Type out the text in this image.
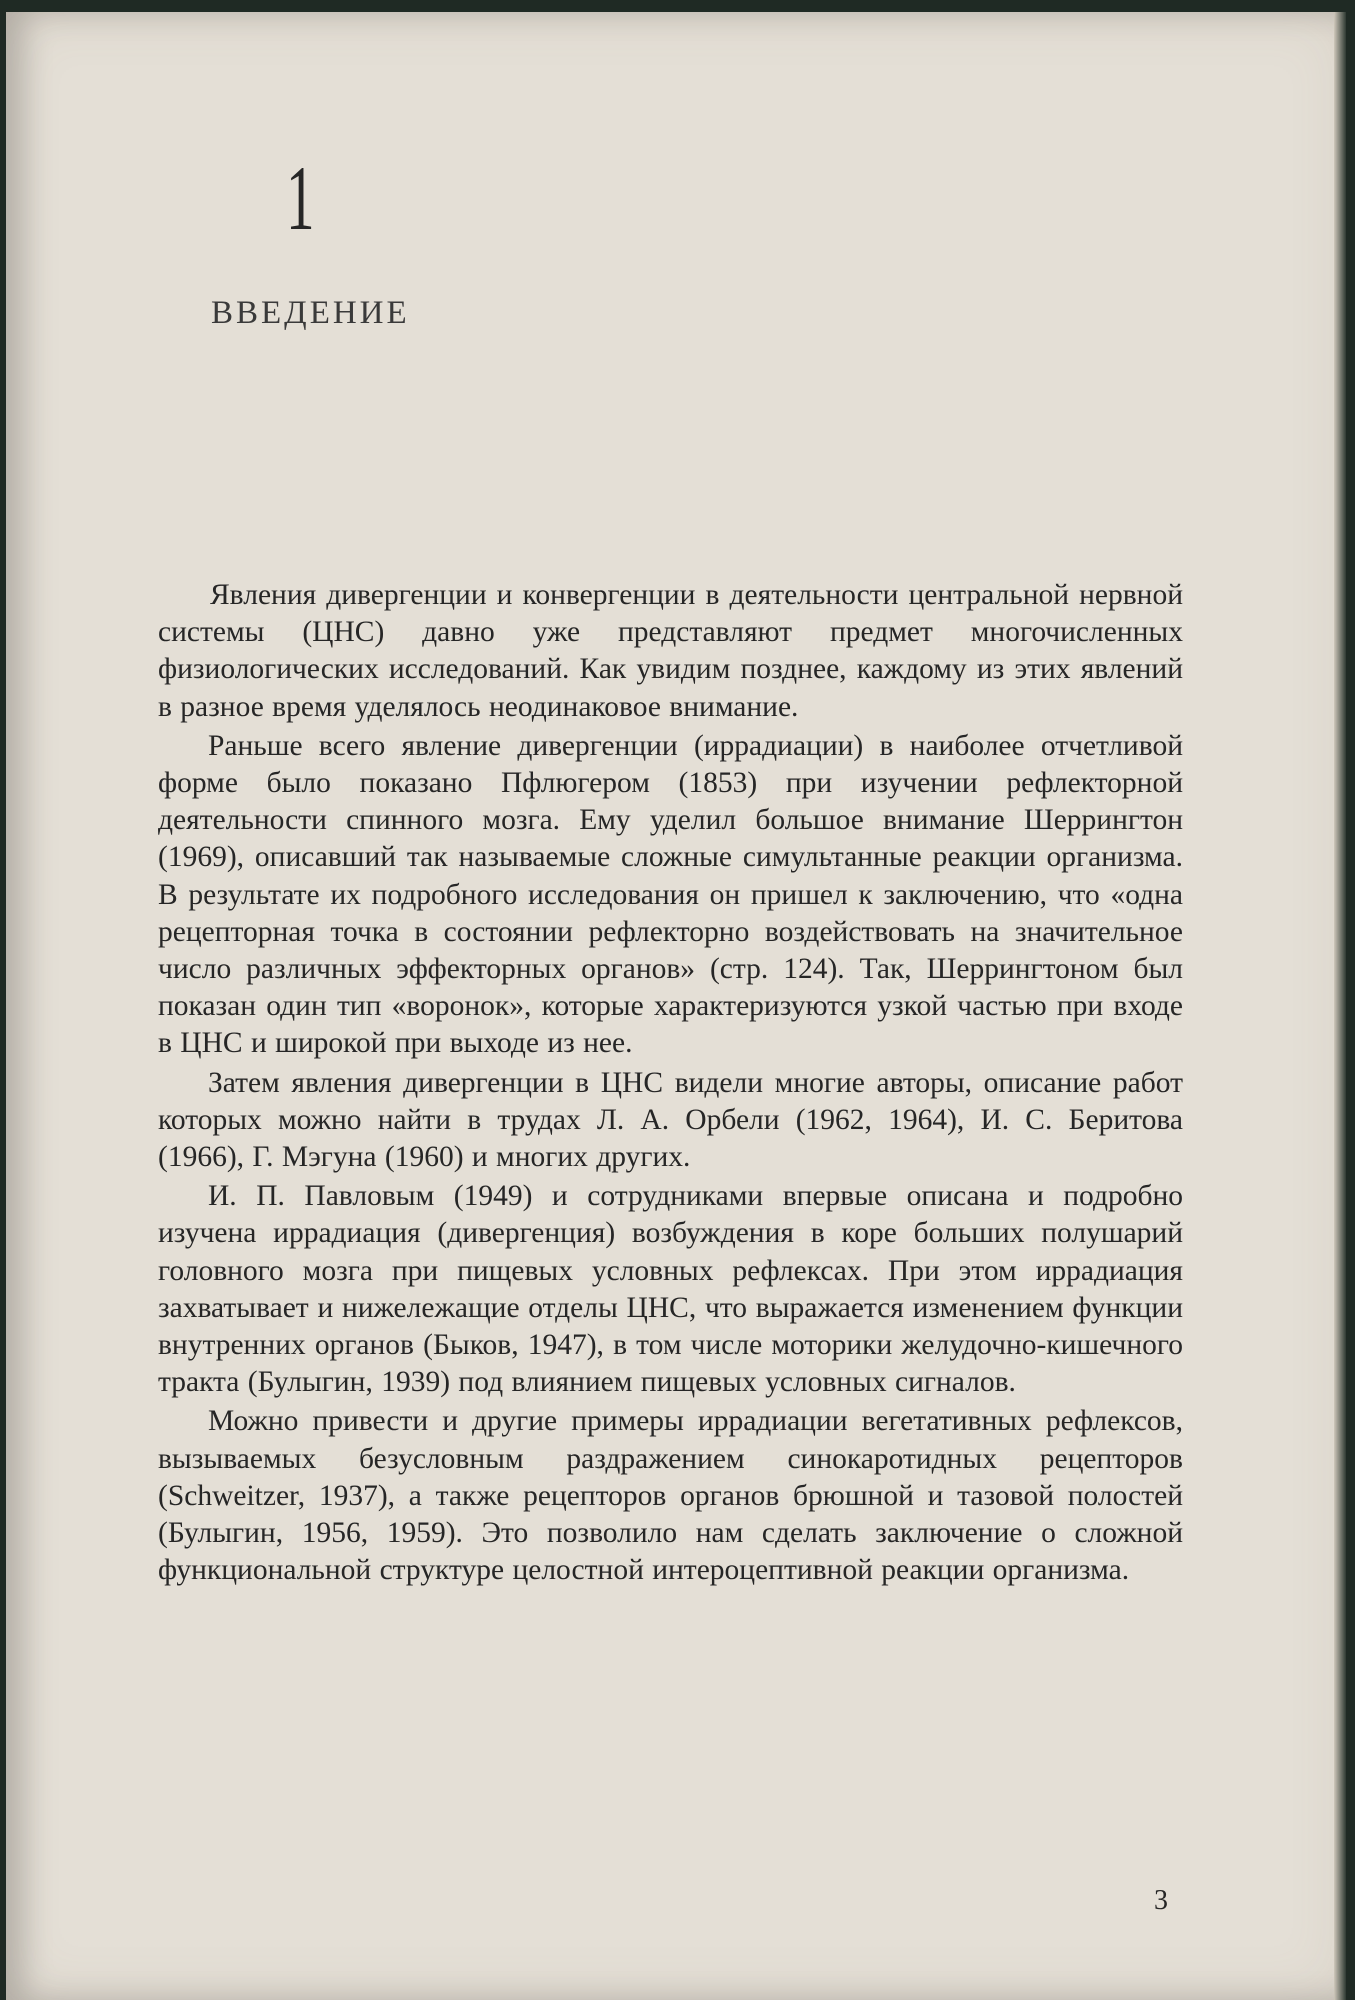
1
ВВЕДЕНИЕ

Явления дивергенции и конвергенции в деятельности центральной нервной системы (ЦНС) давно уже представляют предмет многочисленных физиологических исследований. Как увидим позднее, каждому из этих явлений в разное время уделялось неодинаковое внимание.

Раньше всего явление дивергенции (иррадиации) в наиболее отчетливой форме было показано Пфлюгером (1853) при изучении рефлекторной деятельности спинного мозга. Ему уделил большое внимание Шеррингтон (1969), описавший так называемые сложные симультанные реакции организма. В результате их подробного исследования он пришел к заключению, что «одна рецепторная точка в состоянии рефлекторно воздействовать на значительное число различных эффекторных органов» (стр. 124). Так, Шеррингтоном был показан один тип «воронок», которые характеризуются узкой частью при входе в ЦНС и широкой при выходе из нее.

Затем явления дивергенции в ЦНС видели многие авторы, описание работ которых можно найти в трудах Л. А. Орбели (1962, 1964), И. С. Беритова (1966), Г. Мэгуна (1960) и многих других.

И. П. Павловым (1949) и сотрудниками впервые описана и подробно изучена иррадиация (дивергенция) возбуждения в коре больших полушарий головного мозга при пищевых условных рефлексах. При этом иррадиация захватывает и нижележащие отделы ЦНС, что выражается изменением функции внутренних органов (Быков, 1947), в том числе моторики желудочно-кишечного тракта (Булыгин, 1939) под влиянием пищевых условных сигналов.

Можно привести и другие примеры иррадиации вегетативных рефлексов, вызываемых безусловным раздражением синокаротидных рецепторов (Schweitzer, 1937), а также рецепторов органов брюшной и тазовой полостей (Булыгин, 1956, 1959). Это позволило нам сделать заключение о сложной функциональной структуре целостной интероцептивной реакции организма.

3
